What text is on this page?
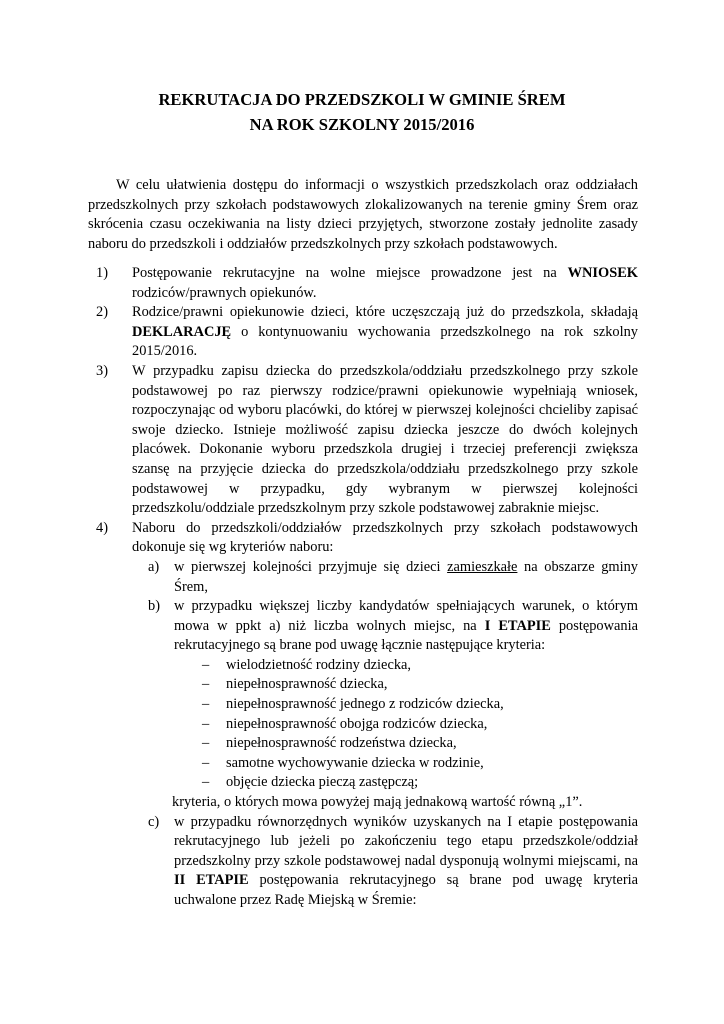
REKRUTACJA DO PRZEDSZKOLI W GMINIE ŚREM
NA ROK SZKOLNY 2015/2016

W celu ułatwienia dostępu do informacji o wszystkich przedszkolach oraz oddziałach przedszkolnych przy szkołach podstawowych zlokalizowanych na terenie gminy Śrem oraz skrócenia czasu oczekiwania na listy dzieci przyjętych, stworzone zostały jednolite zasady naboru do przedszkoli i oddziałów przedszkolnych przy szkołach podstawowych.

1) Postępowanie rekrutacyjne na wolne miejsce prowadzone jest na WNIOSEK rodziców/prawnych opiekunów.
2) Rodzice/prawni opiekunowie dzieci, które uczęszczają już do przedszkola, składają DEKLARACJĘ o kontynuowaniu wychowania przedszkolnego na rok szkolny 2015/2016.
3) W przypadku zapisu dziecka do przedszkola/oddziału przedszkolnego przy szkole podstawowej po raz pierwszy rodzice/prawni opiekunowie wypełniają wniosek, rozpoczynając od wyboru placówki, do której w pierwszej kolejności chcieliby zapisać swoje dziecko. Istnieje możliwość zapisu dziecka jeszcze do dwóch kolejnych placówek. Dokonanie wyboru przedszkola drugiej i trzeciej preferencji zwiększa szansę na przyjęcie dziecka do przedszkola/oddziału przedszkolnego przy szkole podstawowej w przypadku, gdy wybranym w pierwszej kolejności przedszkolu/oddziale przedszkolnym przy szkole podstawowej zabraknie miejsc.
4) Naboru do przedszkoli/oddziałów przedszkolnych przy szkołach podstawowych dokonuje się wg kryteriów naboru:
a) w pierwszej kolejności przyjmuje się dzieci zamieszkałe na obszarze gminy Śrem,
b) w przypadku większej liczby kandydatów spełniających warunek, o którym mowa w ppkt a) niż liczba wolnych miejsc, na I ETAPIE postępowania rekrutacyjnego są brane pod uwagę łącznie następujące kryteria:
– wielodzietność rodziny dziecka,
– niepełnosprawność dziecka,
– niepełnosprawność jednego z rodziców dziecka,
– niepełnosprawność obojga rodziców dziecka,
– niepełnosprawność rodzeństwa dziecka,
– samotne wychowywanie dziecka w rodzinie,
– objęcie dziecka pieczą zastępczą;
kryteria, o których mowa powyżej mają jednakową wartość równą „1”.
c) w przypadku równorzędnych wyników uzyskanych na I etapie postępowania rekrutacyjnego lub jeżeli po zakończeniu tego etapu przedszkole/oddział przedszkolny przy szkole podstawowej nadal dysponują wolnymi miejscami, na II ETAPIE postępowania rekrutacyjnego są brane pod uwagę kryteria uchwalone przez Radę Miejską w Śremie:
